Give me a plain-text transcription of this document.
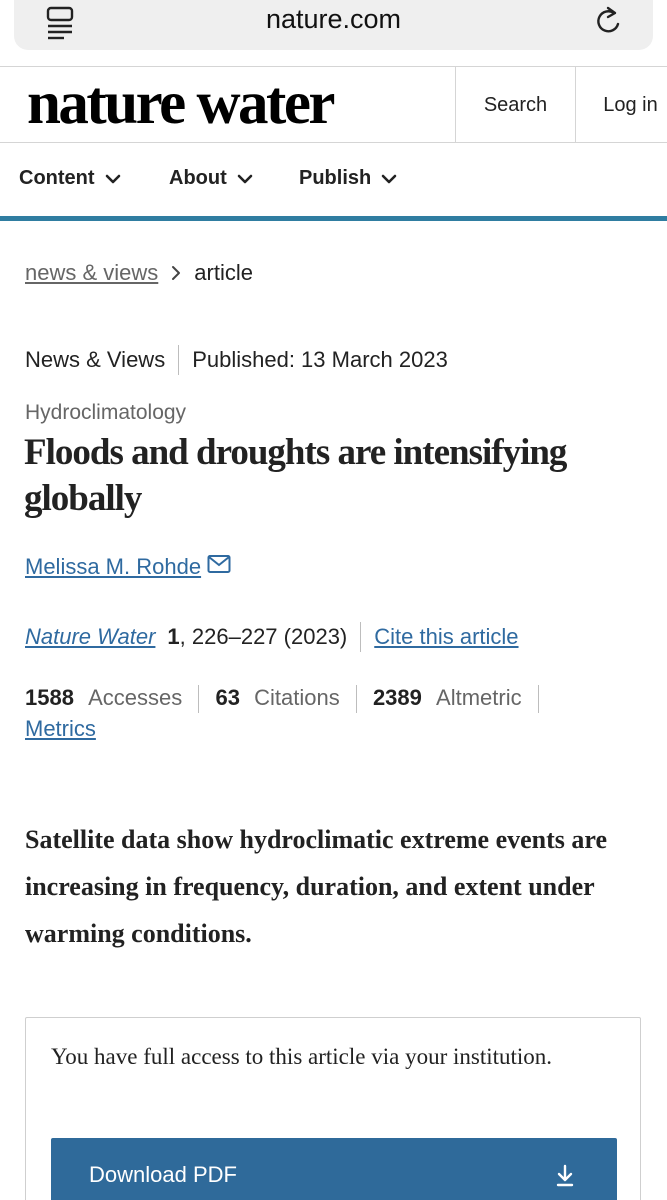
nature.com
nature water	Search	Log in
Content	About	Publish
news & views article
News & Views Published: 13 March 2023
Hydroclimatology
Floods and droughts are intensifying globally
Melissa M. Rohde
Nature Water 1 , 226–227 (2023) Cite this article
1588 Accesses 63 Citations 2389 Altmetric
Metrics

Satellite data show hydroclimatic extreme events are increasing in frequency, duration, and extent under warming conditions.

You have full access to this article via your institution.

Download PDF
